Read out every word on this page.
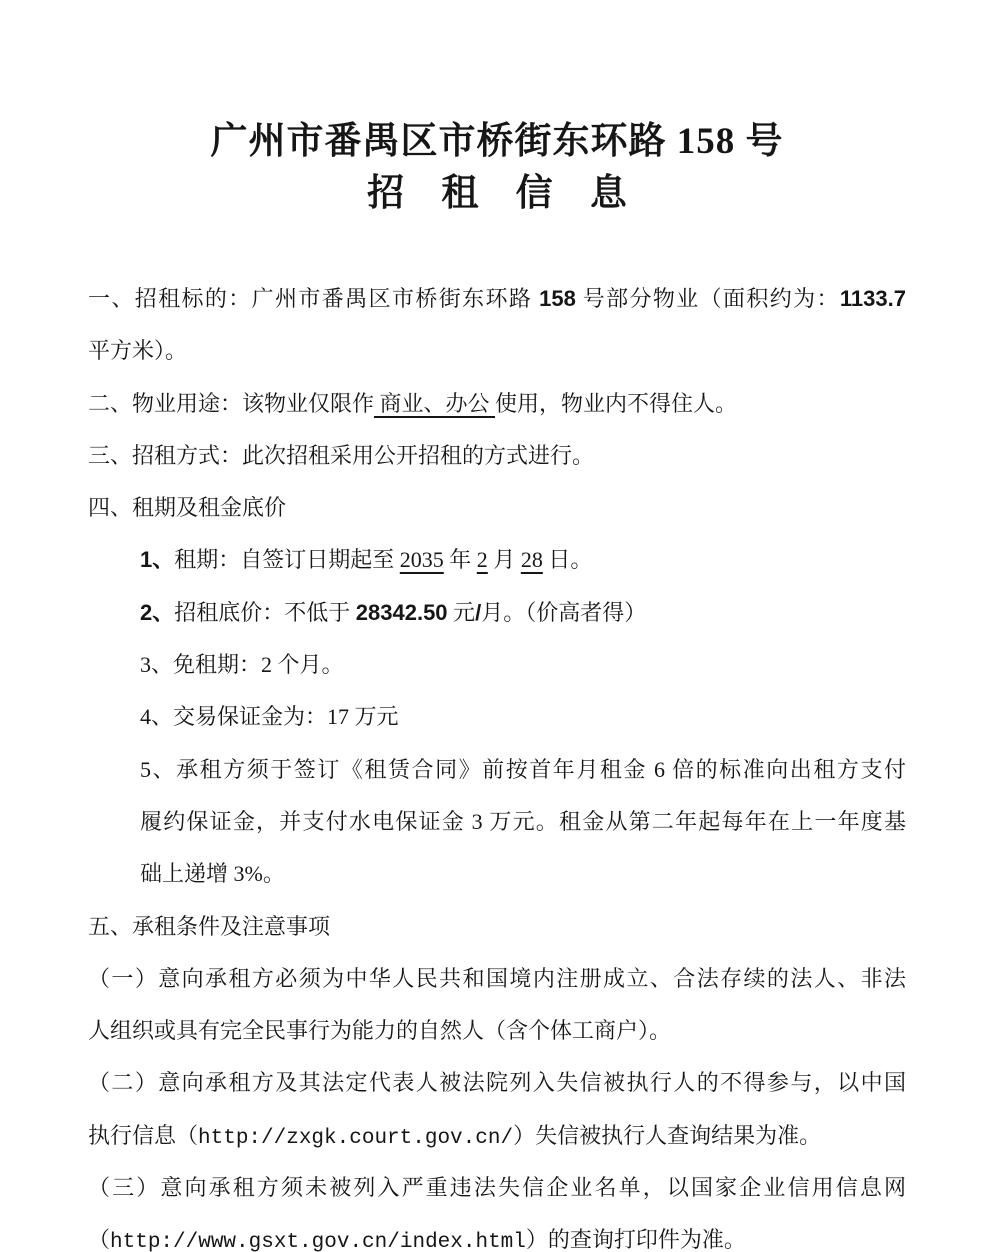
广州市番禺区市桥街东环路 158 号
招 租 信 息
一、招租标的：广州市番禺区市桥街东环路 158 号部分物业（面积约为：1133.7
平方米）。
二、物业用途：该物业仅限作 商业、办公 使用，物业内不得住人。
三、招租方式：此次招租采用公开招租的方式进行。
四、租期及租金底价
1、租期：自签订日期起至 2035 年 2 月 28 日。
2、招租底价：不低于 28342.50 元/月。（价高者得）
3、免租期：2 个月。
4、交易保证金为：17 万元
5、承租方须于签订《租赁合同》前按首年月租金 6 倍的标准向出租方支付
履约保证金，并支付水电保证金 3 万元。租金从第二年起每年在上一年度基
础上递增 3%。
五、承租条件及注意事项
（一）意向承租方必须为中华人民共和国境内注册成立、合法存续的法人、非法
人组织或具有完全民事行为能力的自然人（含个体工商户）。
（二）意向承租方及其法定代表人被法院列入失信被执行人的不得参与，以中国
执行信息（http://zxgk.court.gov.cn/）失信被执行人查询结果为准。
（三）意向承租方须未被列入严重违法失信企业名单，以国家企业信用信息网
（http://www.gsxt.gov.cn/index.html）的查询打印件为准。
